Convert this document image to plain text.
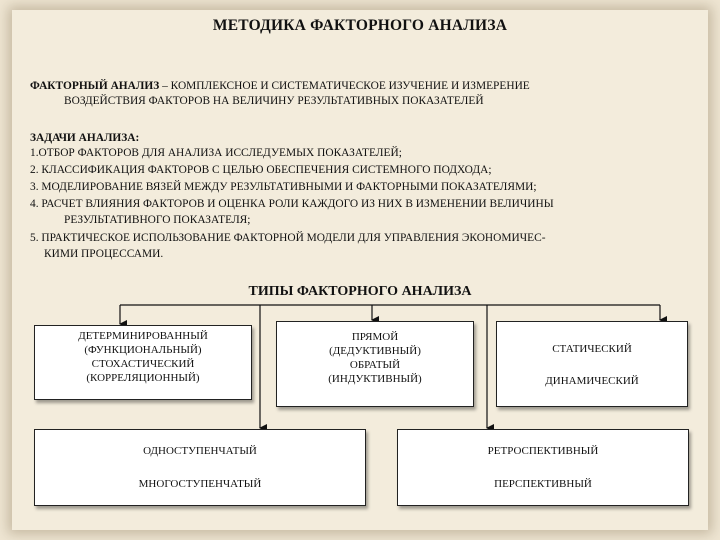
МЕТОДИКА ФАКТОРНОГО АНАЛИЗА
ФАКТОРНЫЙ АНАЛИЗ – КОМПЛЕКСНОЕ И СИСТЕМАТИЧЕСКОЕ ИЗУЧЕНИЕ И ИЗМЕРЕНИЕ
ВОЗДЕЙСТВИЯ ФАКТОРОВ НА ВЕЛИЧИНУ РЕЗУЛЬТАТИВНЫХ ПОКАЗАТЕЛЕЙ
ЗАДАЧИ АНАЛИЗА:
1.ОТБОР ФАКТОРОВ ДЛЯ АНАЛИЗА ИССЛЕДУЕМЫХ ПОКАЗАТЕЛЕЙ;
2. КЛАССИФИКАЦИЯ ФАКТОРОВ С ЦЕЛЬЮ ОБЕСПЕЧЕНИЯ СИСТЕМНОГО ПОДХОДА;
3. МОДЕЛИРОВАНИЕ ВЯЗЕЙ МЕЖДУ РЕЗУЛЬТАТИВНЫМИ И ФАКТОРНЫМИ ПОКАЗАТЕЛЯМИ;
4. РАСЧЕТ ВЛИЯНИЯ ФАКТОРОВ И ОЦЕНКА РОЛИ КАЖДОГО ИЗ НИХ В ИЗМЕНЕНИИ ВЕЛИЧИНЫ
РЕЗУЛЬТАТИВНОГО ПОКАЗАТЕЛЯ;
5. ПРАКТИЧЕСКОЕ ИСПОЛЬЗОВАНИЕ ФАКТОРНОЙ МОДЕЛИ ДЛЯ УПРАВЛЕНИЯ ЭКОНОМИЧЕС-
КИМИ ПРОЦЕССАМИ.
ТИПЫ ФАКТОРНОГО АНАЛИЗА
ДЕТЕРМИНИРОВАННЫЙ
(ФУНКЦИОНАЛЬНЫЙ)
СТОХАСТИЧЕСКИЙ
(КОРРЕЛЯЦИОННЫЙ)
ПРЯМОЙ
(ДЕДУКТИВНЫЙ)
ОБРАТЫЙ
(ИНДУКТИВНЫЙ)
СТАТИЧЕСКИЙ
ДИНАМИЧЕСКИЙ
ОДНОСТУПЕНЧАТЫЙ
МНОГОСТУПЕНЧАТЫЙ
РЕТРОСПЕКТИВНЫЙ
ПЕРСПЕКТИВНЫЙ
